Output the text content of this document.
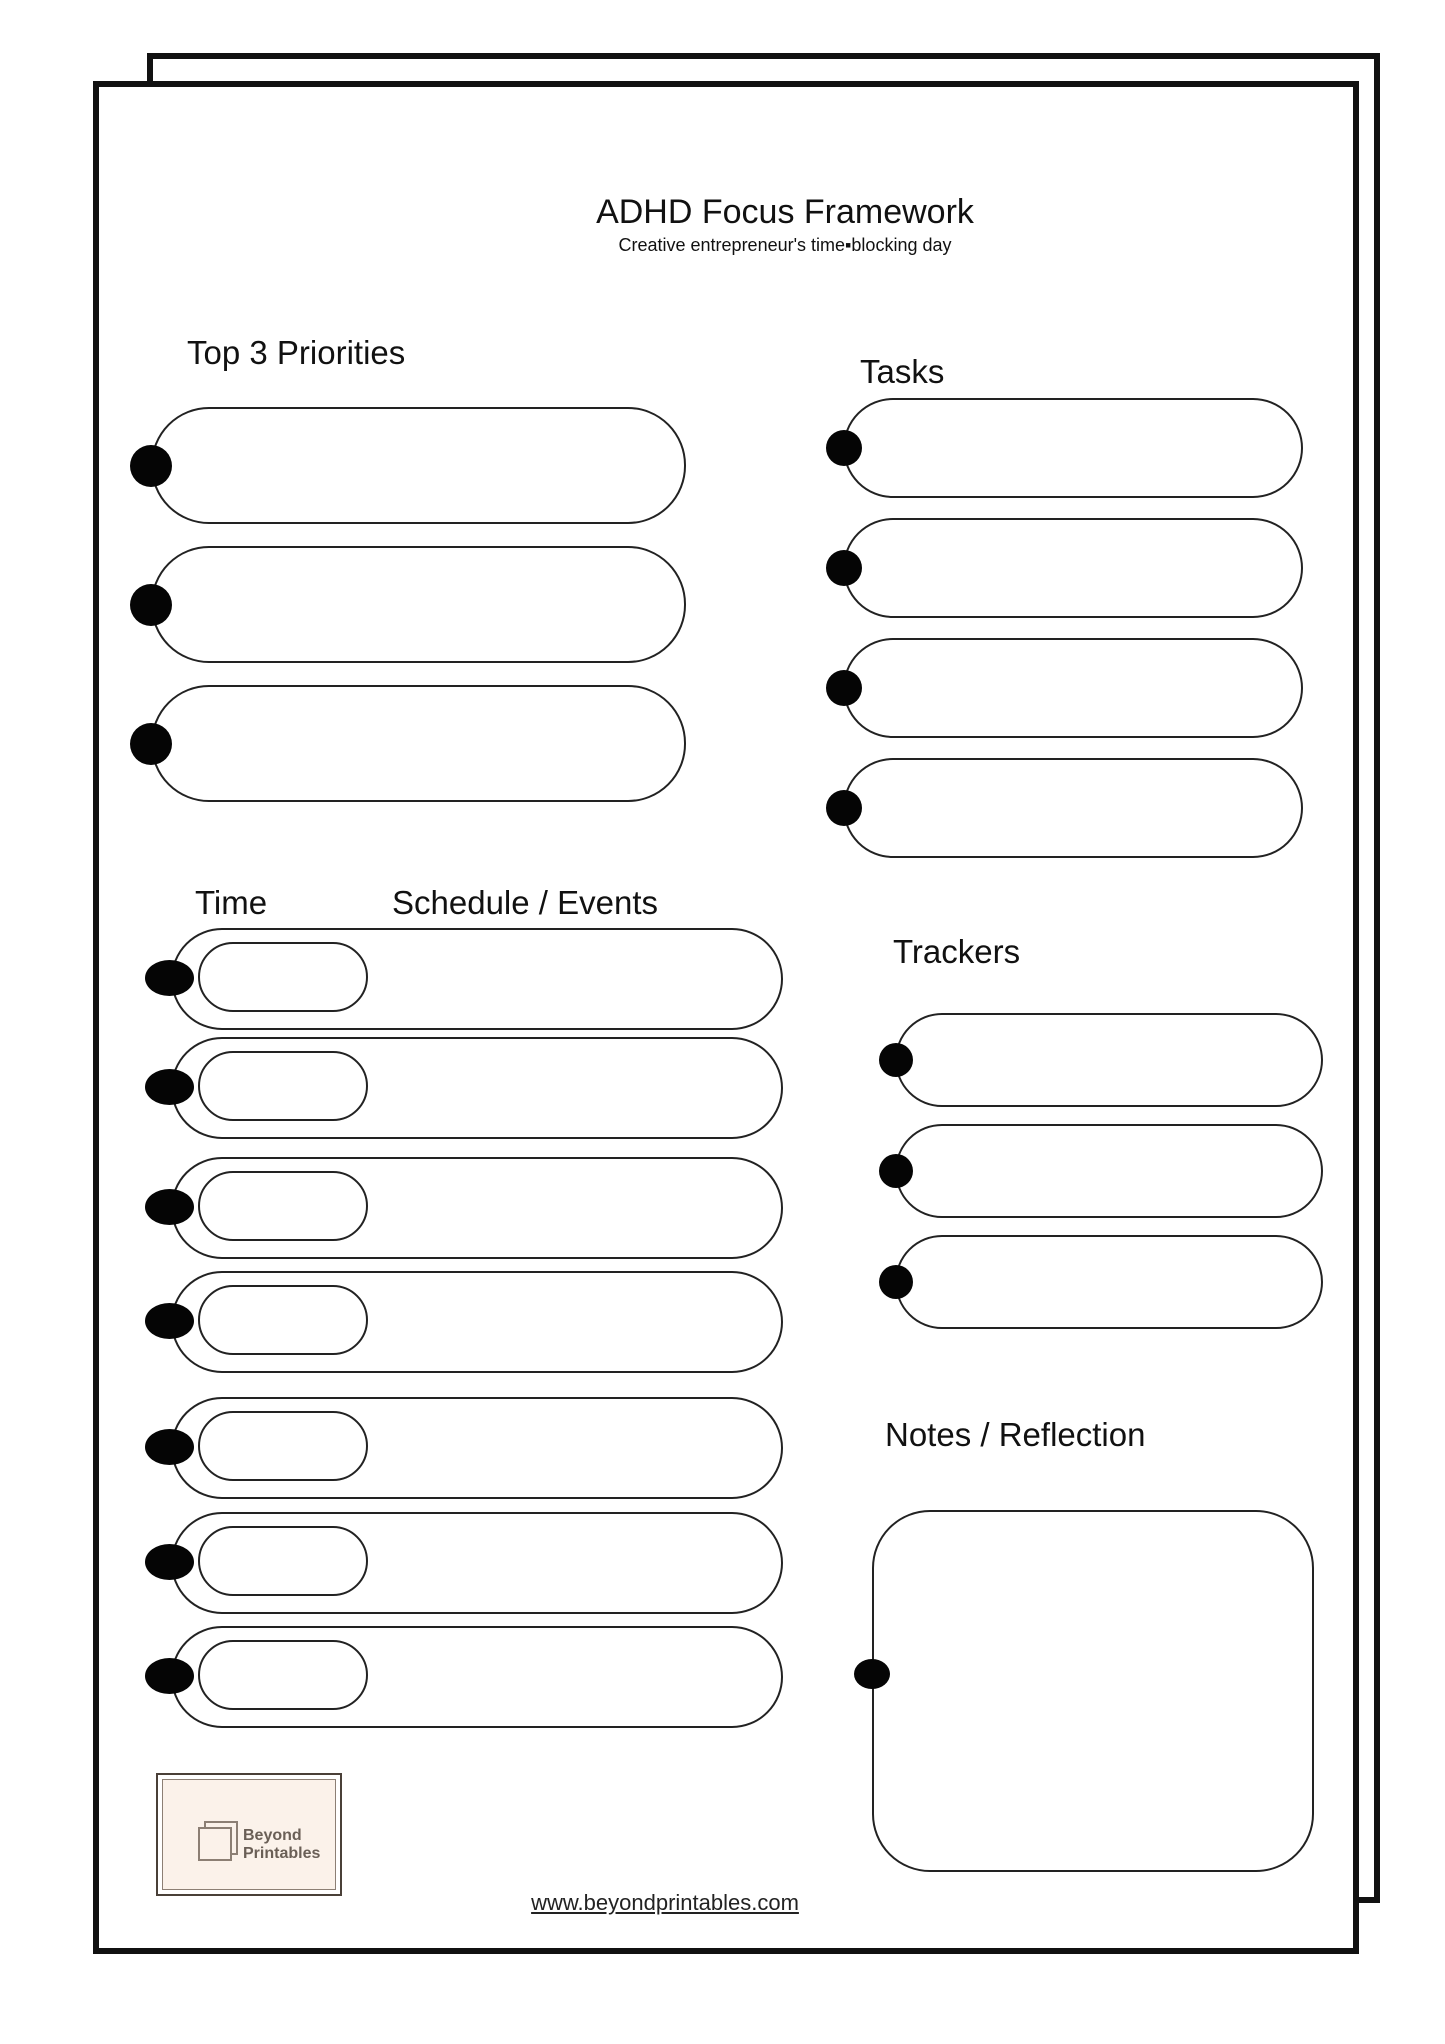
ADHD Focus Framework
Creative entrepreneur's time▪blocking day
Top 3 Priorities
Tasks
Time	Schedule / Events
Trackers
Notes / Reflection
Beyond
Printables
www.beyondprintables.com
